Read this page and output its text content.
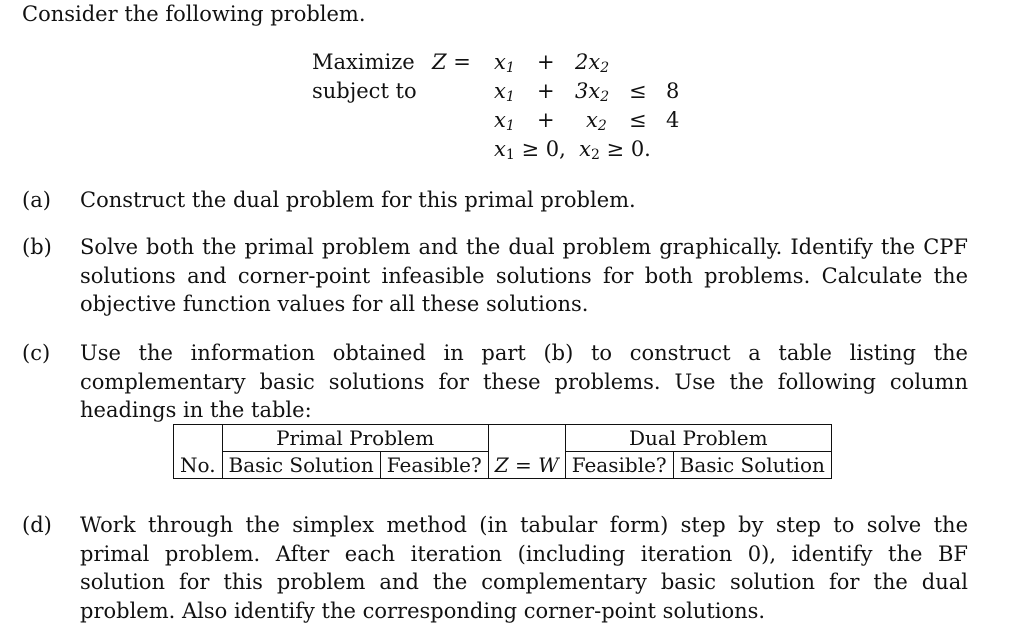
Consider the following problem.
Maximize $Z = x_1 + 2x_2$
subject to	$x_1 + 3x_2 \le 8$
$x_1 + x_2 \le 4$
$x_1 \ge 0$,  $x_2 \ge 0$.
(a) Construct the dual problem for this primal problem.
(b) Solve both the primal problem and the dual problem graphically. Identify the CPF solutions and corner-point infeasible solutions for both problems. Calculate the objective function values for all these solutions.
(c) Use the information obtained in part (b) to construct a table listing the complementary basic solutions for these problems. Use the following column headings in the table:
	Primal Problem			Dual Problem	
No.	Basic Solution	Feasible?	Z = W	Feasible?	Basic Solution
(d) Work through the simplex method (in tabular form) step by step to solve the primal problem. After each iteration (including iteration 0), identify the BF solution for this problem and the complementary basic solution for the dual problem. Also identify the corresponding corner-point solutions.
